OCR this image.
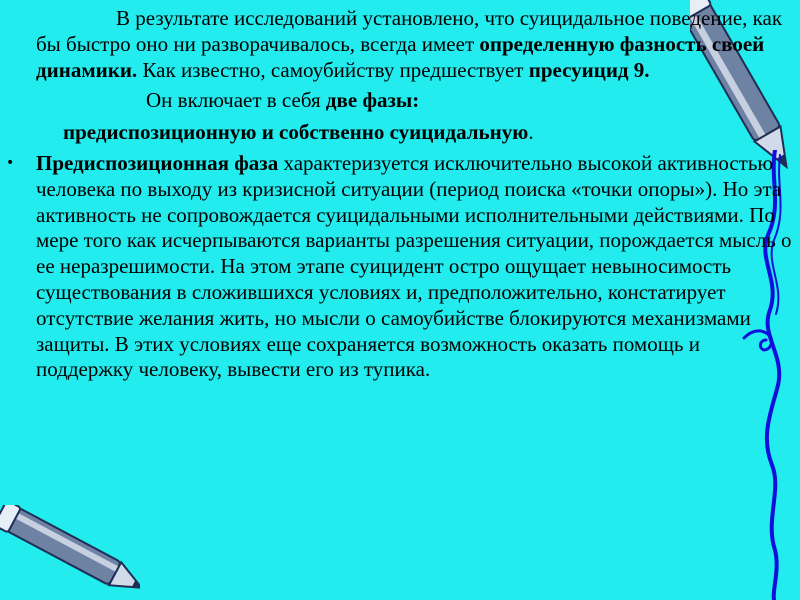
В результате исследований установлено, что суицидальное поведение, как бы быстро оно ни разворачивалось, всегда имеет определенную фазность своей динамики. Как известно, самоубийству предшествует пресуицид 9.

Он включает в себя две фазы:

предиспозиционную и собственно суицидальную.

• Предиспозиционная фаза характеризуется исключительно высокой активностью человека по выходу из кризисной ситуации (период поиска «точки опоры»). Но эта активность не сопровождается суицидальными исполнительными действиями. По мере того как исчерпываются варианты разрешения ситуации, порождается мысль о ее неразрешимости. На этом этапе суицидент остро ощущает невыносимость существования в сложившихся условиях и, предположительно, констатирует отсутствие желания жить, но мысли о самоубийстве блокируются механизмами защиты. В этих условиях еще сохраняется возможность оказать помощь и поддержку человеку, вывести его из тупика.
